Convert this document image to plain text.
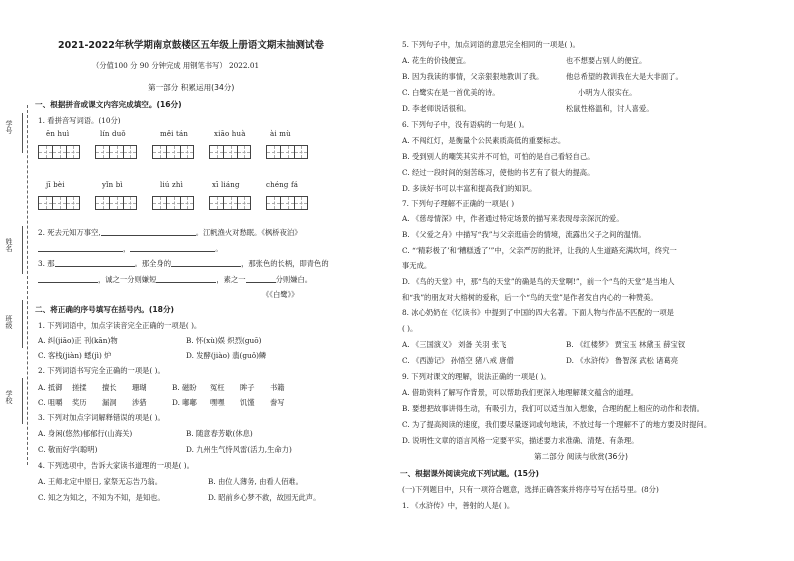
学号
姓名
班级
学校
2021-2022年秋学期南京鼓楼区五年级上册语文期末抽测试卷
（分值100 分 90 分钟完成 用钢笔书写） 2022.01
第一部分 积累运用(34分)
一、根据拼音或课文内容完成填空。(16分)
1. 看拼音写词语。(10分)
ēn huì	lín duǒ	měi tán	xiāo huà	ài mù
jī bèi	yǐn bì	liú zhì	xī liáng	chéng fá
2. 死去元知万事空,	。江帆渔火对愁眠。《枫桥夜泊》
，	。
3. 那	。那全身的	，那张色的长柄，即青色的
，诚之一分则嫌短	，素之一	分则嫌白。
《《白鹭》》
二、将正确的序号填写在括号内。(18分)
1. 下列词语中，加点字读音完全正确的一项是( )。
A. 纠(jiāo)正 刊(kān)物	B. 怀(xù)娱 炽烈(guō)
C. 客栈(jiàn) 蟋(jì) 炉	D. 发酵(jiào) 翡(guǒ)鳞
2. 下列词语书写完全正确的一项是( )。
A. 抵御 搓揉 擅长 珊瑚	B. 磁盼 冤枉 眸子 书籍
C. 咀嚼 奖历 漏洞 涉猎	D. 嘟嘟 嘿嘿 饥馑 誊写
3. 下列对加点字词解释错误的项是( )。
A. 身闲(悠然)郁郁行(山海关)	B. 随意春芳歇(休息)
C. 敬而好学(聪明)	D. 九州生气恃风雷(活力,生命力)
4. 下列选项中，告诉大家读书道理的一项是( )。
A. 王师北定中原日, 家祭无忘告乃翁。	B. 由位人薄务, 由看人佰难。
C. 知之为知之，不知为不知，是知也。	D. 昭前乡心梦不救，故园无此声。
5. 下列句子中，加点词语的意思完全相同的一项是( )。
A. 花生的价钱便宜。	也不想要占别人的便宜。
B. 因为我读的事情，父亲狠狠地教训了我。	他总希望的教训我在大是大非面了。
C. 白鹭实在是一首优美的诗。	小明为人很实在。
D. 李老师说话很和。	松鼠性格温和，讨人喜爱。
6. 下列句子中，没有语病的一句是( )。
A. 不闯红灯，是衡量个公民素质高低的重要标志。
B. 受到别人的嘲笑其实并不可怕，可怕的是自己看轻自己。
C. 经过一段时间的刻苦练习，使他的书艺有了很大的提高。
D. 多读好书可以丰富和提高我们的知识。
7. 下列句子理解不正确的一项是( )
A. 《慈母情深》中，作者通过特定场景的描写来表现母亲深沉的爱。
B. 《父爱之舟》中描写“我”与父亲逛庙会的情境，流露出父子之间的温情。
C. “‘精彩极了’和‘糟糕透了’”中，父亲严厉的批评，让我的人生道路充满坎坷，终究一
事无成。
D. 《鸟的天堂》中，那“鸟的天堂”的确是鸟的天堂啊!”，前一个“鸟的天堂”是当地人
和“我”的朋友对大榕树的爱称，后一个“鸟的天堂”是作者发自内心的一种赞美。
8. 冰心奶奶在《忆读书》中提到了中国的四大名著。下面人物与作品不匹配的一项是
( )。
A. 《三国演义》 刘备 关羽 张飞	B. 《红楼梦》 贾宝玉 林黛玉 薛宝钗
C. 《西游记》 孙悟空 猪八戒 唐僧	D. 《水浒传》 鲁智深 武松 诸葛亮
9. 下列对课文的理解，说法正确的一项是( )。
A. 借助资料了解写作背景，可以帮助我们更深入地理解课文蕴含的道理。
B. 要想把故事讲得生动，有吸引力，我们可以适当加入想象，合理的配上相应的动作和表情。
C. 为了提高阅读的速度，我们要尽量逐词或句地读，不放过每一个理解不了的地方要及时提问。
D. 说明性文章的语言风格一定要平实，描述要力求准确、清楚、有条理。
第二部分 阅读与欣赏(36分)
一、根据课外阅读完成下列试题。(15分)
(一)下列题目中，只有一项符合题意，选择正确答案并将序号写在括号里。(8分)
1. 《水浒传》中，善射的人是( )。
